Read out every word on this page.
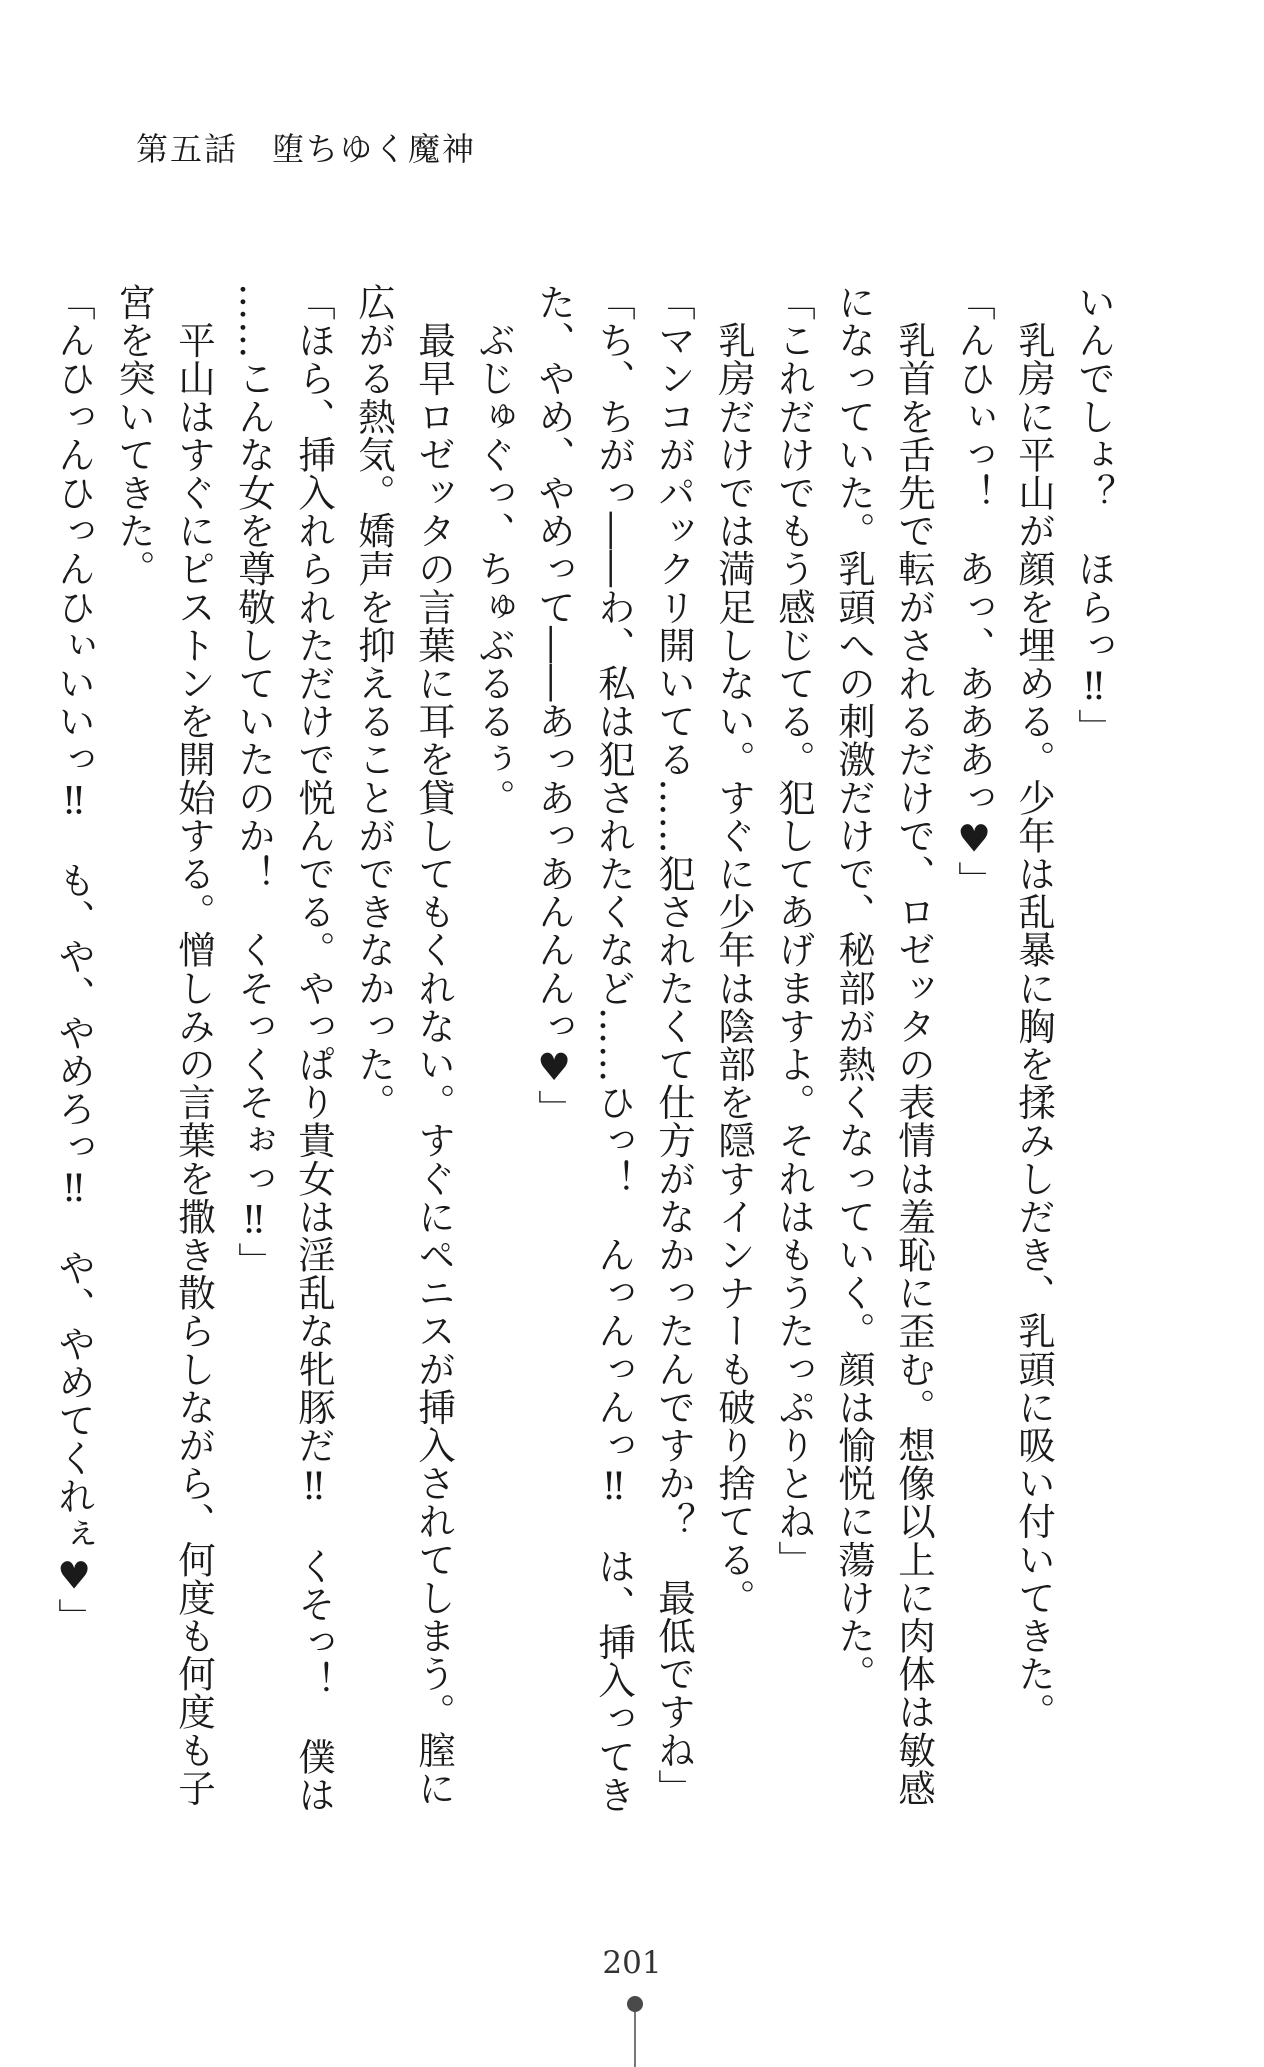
第五話　堕ちゆく魔神
いんでしょ？　ほらっ‼」
　乳房に平山が顔を埋める。少年は乱暴に胸を揉みしだき、乳頭に吸い付いてきた。
「んひぃっ！　あっ、あああっ♥」
　乳首を舌先で転がされるだけで、ロゼッタの表情は羞恥に歪む。想像以上に肉体は敏感
になっていた。乳頭への刺激だけで、秘部が熱くなっていく。顔は愉悦に蕩けた。
「これだけでもう感じてる。犯してあげますよ。それはもうたっぷりとね」
　乳房だけでは満足しない。すぐに少年は陰部を隠すインナーも破り捨てる。
「マンコがパックリ開いてる……犯されたくて仕方がなかったんですか？　最低ですね」
「ち、ちがっ――わ、私は犯されたくなど……ひっ！　んっんっんっ‼　は、挿入ってき
た、やめ、やめって――あっあっあんんんっ♥」
　ぶじゅぐっ、ちゅぶるるぅ。
　最早ロゼッタの言葉に耳を貸してもくれない。すぐにペニスが挿入されてしまう。膣に
広がる熱気。嬌声を抑えることができなかった。
「ほら、挿入れられただけで悦んでる。やっぱり貴女は淫乱な牝豚だ‼　くそっ！　僕は
……こんな女を尊敬していたのか！　くそっくそぉっ‼」
　平山はすぐにピストンを開始する。憎しみの言葉を撒き散らしながら、何度も何度も子
宮を突いてきた。
「んひっんひっんひぃいいっ‼　も、や、やめろっ‼　や、やめてくれぇ♥」
201
